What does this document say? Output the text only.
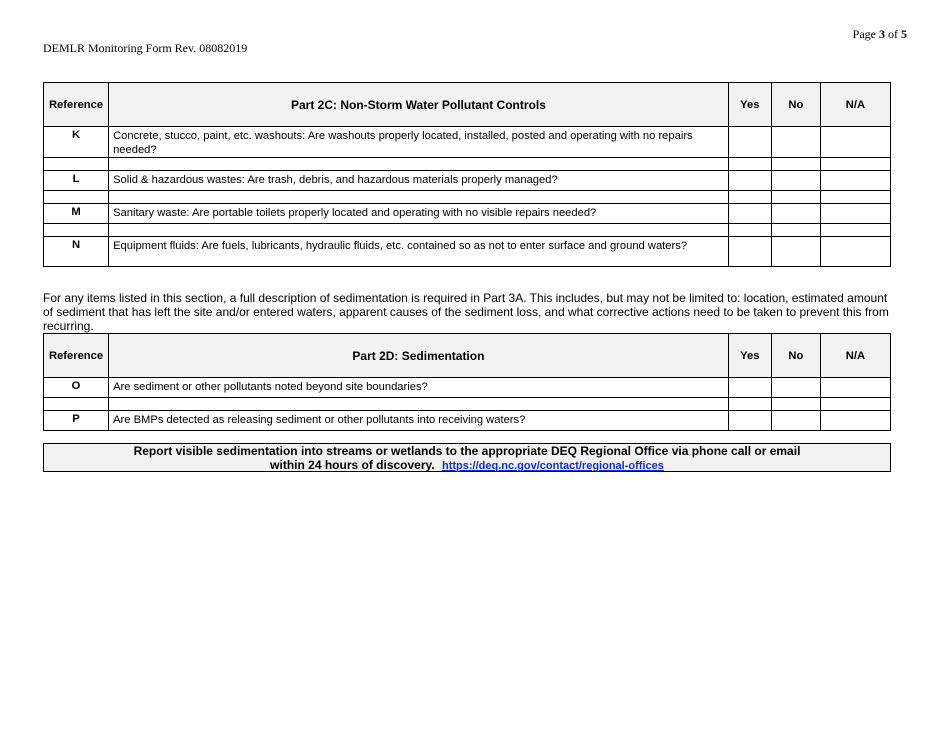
Page 3 of 5
DEMLR Monitoring Form Rev. 08082019
Reference	Part 2C: Non-Storm Water Pollutant Controls	Yes	No	N/A
K	Concrete, stucco, paint, etc. washouts: Are washouts properly located, installed, posted and operating with no repairs needed?			

L	Solid & hazardous wastes: Are trash, debris, and hazardous materials properly managed?			

M	Sanitary waste: Are portable toilets properly located and operating with no visible repairs needed?			

N	Equipment fluids: Are fuels, lubricants, hydraulic fluids, etc. contained so as not to enter surface and ground waters?			
For any items listed in this section, a full description of sedimentation is required in Part 3A. This includes, but may not be limited to: location, estimated amount of sediment that has left the site and/or entered waters, apparent causes of the sediment loss, and what corrective actions need to be taken to prevent this from recurring.
Reference	Part 2D: Sedimentation	Yes	No	N/A
O	Are sediment or other pollutants noted beyond site boundaries?			

P	Are BMPs detected as releasing sediment or other pollutants into receiving waters?			
Report visible sedimentation into streams or wetlands to the appropriate DEQ Regional Office via phone call or email
within 24 hours of discovery. https://deq.nc.gov/contact/regional-offices
